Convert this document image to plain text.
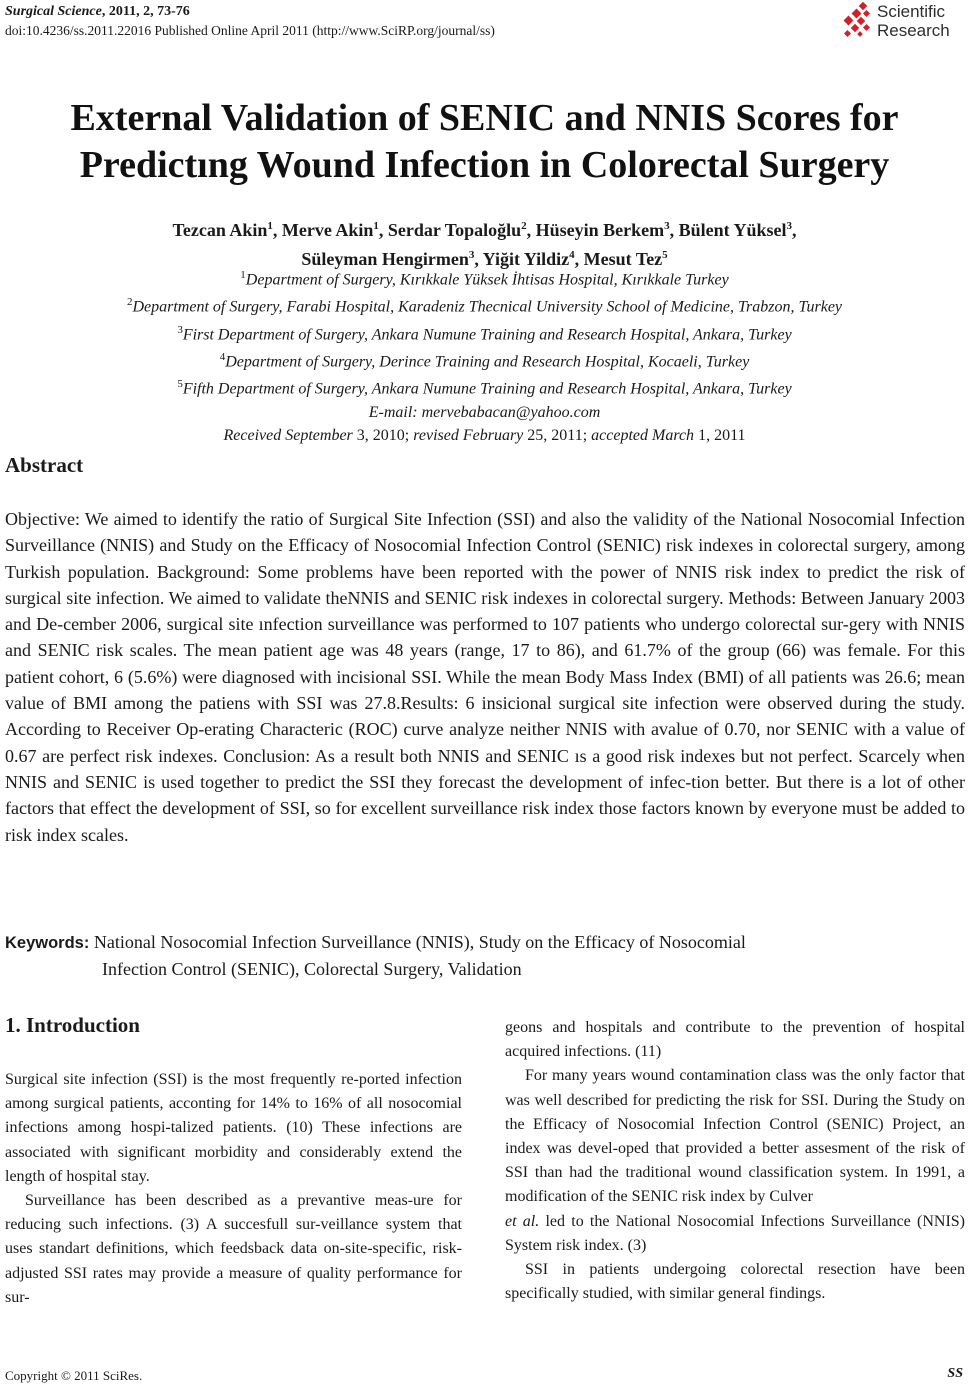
Surgical Science, 2011, 2, 73-76
doi:10.4236/ss.2011.22016 Published Online April 2011 (http://www.SciRP.org/journal/ss)
Scientific
Research
External Validation of SENIC and NNIS Scores for
Predictıng Wound Infection in Colorectal Surgery
Tezcan Akin$^1$, Merve Akin$^1$, Serdar Topaloğlu$^2$, Hüseyin Berkem$^3$, Bülent Yüksel$^3$,
Süleyman Hengirmen$^3$, Yiğit Yildiz$^4$, Mesut Tez$^5$
$^1$Department of Surgery, Kırıkkale Yüksek İhtisas Hospital, Kırıkkale Turkey
$^2$Department of Surgery, Farabi Hospital, Karadeniz Thecnical University School of Medicine, Trabzon, Turkey
$^3$First Department of Surgery, Ankara Numune Training and Research Hospital, Ankara, Turkey
$^4$Department of Surgery, Derince Training and Research Hospital, Kocaeli, Turkey
$^5$Fifth Department of Surgery, Ankara Numune Training and Research Hospital, Ankara, Turkey
E-mail: mervebabacan@yahoo.com
Received September 3, 2010; revised February 25, 2011; accepted March 1, 2011
Abstract

Objective: We aimed to identify the ratio of Surgical Site Infection (SSI) and also the validity of the National Nosocomial Infection Surveillance (NNIS) and Study on the Efficacy of Nosocomial Infection Control (SENIC) risk indexes in colorectal surgery, among Turkish population. Background: Some problems have been reported with the power of NNIS risk index to predict the risk of surgical site infection. We aimed to validate theNNIS and SENIC risk indexes in colorectal surgery. Methods: Between January 2003 and De-cember 2006, surgical site ınfection surveillance was performed to 107 patients who undergo colorectal sur-gery with NNIS and SENIC risk scales. The mean patient age was 48 years (range, 17 to 86), and 61.7% of the group (66) was female. For this patient cohort, 6 (5.6%) were diagnosed with incisional SSI. While the mean Body Mass Index (BMI) of all patients was 26.6; mean value of BMI among the patiens with SSI was 27.8.Results: 6 insicional surgical site infection were observed during the study. According to Receiver Op-erating Characteric (ROC) curve analyze neither NNIS with avalue of 0.70, nor SENIC with a value of 0.67 are perfect risk indexes. Conclusion: As a result both NNIS and SENIC ıs a good risk indexes but not perfect. Scarcely when NNIS and SENIC is used together to predict the SSI they forecast the development of infec-tion better. But there is a lot of other factors that effect the development of SSI, so for excellent surveillance risk index those factors known by everyone must be added to risk index scales.

Keywords: National Nosocomial Infection Surveillance (NNIS), Study on the Efficacy of Nosocomial
Infection Control (SENIC), Colorectal Surgery, Validation
1. Introduction

Surgical site infection (SSI) is the most frequently re-ported infection among surgical patients, acconting for 14% to 16% of all nosocomial infections among hospi-talized patients. (10) These infections are associated with significant morbidity and considerably extend the length of hospital stay.

Surveillance has been described as a prevantive meas-ure for reducing such infections. (3) A succesfull sur-veillance system that uses standart definitions, which feedsback data on-site-specific, risk-adjusted SSI rates may provide a measure of quality performance for sur-

geons and hospitals and contribute to the prevention of hospital acquired infections. (11)

For many years wound contamination class was the only factor that was well described for predicting the risk for SSI. During the Study on the Efficacy of Nosocomial Infection Control (SENIC) Project, an index was devel-oped that provided a better assesment of the risk of SSI than had the traditional wound classification system. In 1991, a modification of the SENIC risk index by Culver

et al. led to the National Nosocomial Infections Surveillance (NNIS) System risk index. (3)

SSI in patients undergoing colorectal resection have been specifically studied, with similar general findings.

Copyright © 2011 SciRes.	SS
